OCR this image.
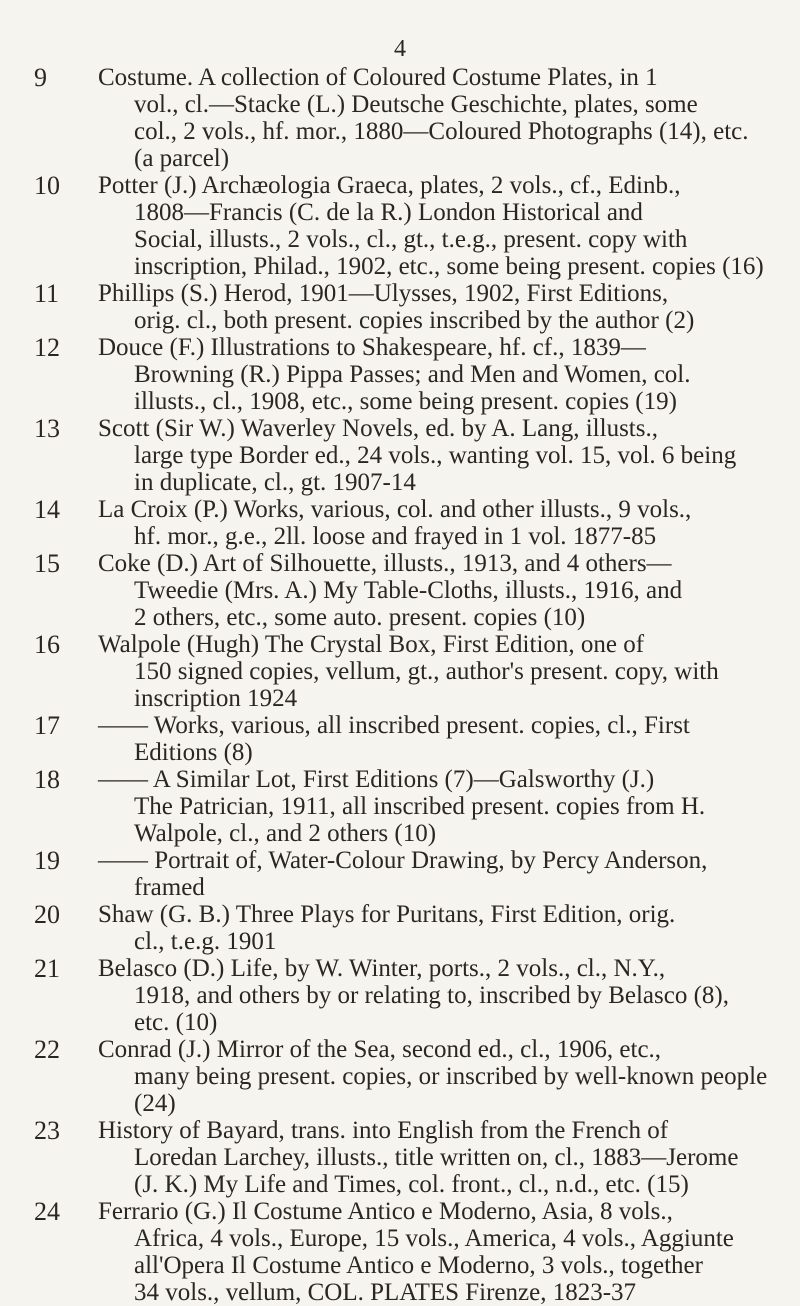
4
9	Costume. A collection of Coloured Costume Plates, in 1
vol., cl.—Stacke (L.) Deutsche Geschichte, plates, some
col., 2 vols., hf. mor., 1880—Coloured Photographs (14), etc.
(a parcel)
10	Potter (J.) Archæologia Graeca, plates, 2 vols., cf., Edinb.,
1808—Francis (C. de la R.) London Historical and
Social, illusts., 2 vols., cl., gt., t.e.g., present. copy with
inscription, Philad., 1902, etc., some being present. copies (16)
11	Phillips (S.) Herod, 1901—Ulysses, 1902, First Editions,
orig. cl., both present. copies inscribed by the author (2)
12	Douce (F.) Illustrations to Shakespeare, hf. cf., 1839—
Browning (R.) Pippa Passes; and Men and Women, col.
illusts., cl., 1908, etc., some being present. copies (19)
13	Scott (Sir W.) Waverley Novels, ed. by A. Lang, illusts.,
large type Border ed., 24 vols., wanting vol. 15, vol. 6 being
in duplicate, cl., gt. 1907-14
14	La Croix (P.) Works, various, col. and other illusts., 9 vols.,
hf. mor., g.e., 2ll. loose and frayed in 1 vol. 1877-85
15	Coke (D.) Art of Silhouette, illusts., 1913, and 4 others—
Tweedie (Mrs. A.) My Table-Cloths, illusts., 1916, and
2 others, etc., some auto. present. copies (10)
16	Walpole (Hugh) The Crystal Box, First Edition, one of
150 signed copies, vellum, gt., author's present. copy, with
inscription 1924
17	—— Works, various, all inscribed present. copies, cl., First
Editions (8)
18	—— A Similar Lot, First Editions (7)—Galsworthy (J.)
The Patrician, 1911, all inscribed present. copies from H.
Walpole, cl., and 2 others (10)
19	—— Portrait of, Water-Colour Drawing, by Percy Anderson,
framed
20	Shaw (G. B.) Three Plays for Puritans, First Edition, orig.
cl., t.e.g. 1901
21	Belasco (D.) Life, by W. Winter, ports., 2 vols., cl., N.Y.,
1918, and others by or relating to, inscribed by Belasco (8),
etc. (10)
22	Conrad (J.) Mirror of the Sea, second ed., cl., 1906, etc.,
many being present. copies, or inscribed by well-known people
(24)
23	History of Bayard, trans. into English from the French of
Loredan Larchey, illusts., title written on, cl., 1883—Jerome
(J. K.) My Life and Times, col. front., cl., n.d., etc. (15)
24	Ferrario (G.) Il Costume Antico e Moderno, Asia, 8 vols.,
Africa, 4 vols., Europe, 15 vols., America, 4 vols., Aggiunte
all'Opera Il Costume Antico e Moderno, 3 vols., together
34 vols., vellum, COL. PLATES Firenze, 1823-37
